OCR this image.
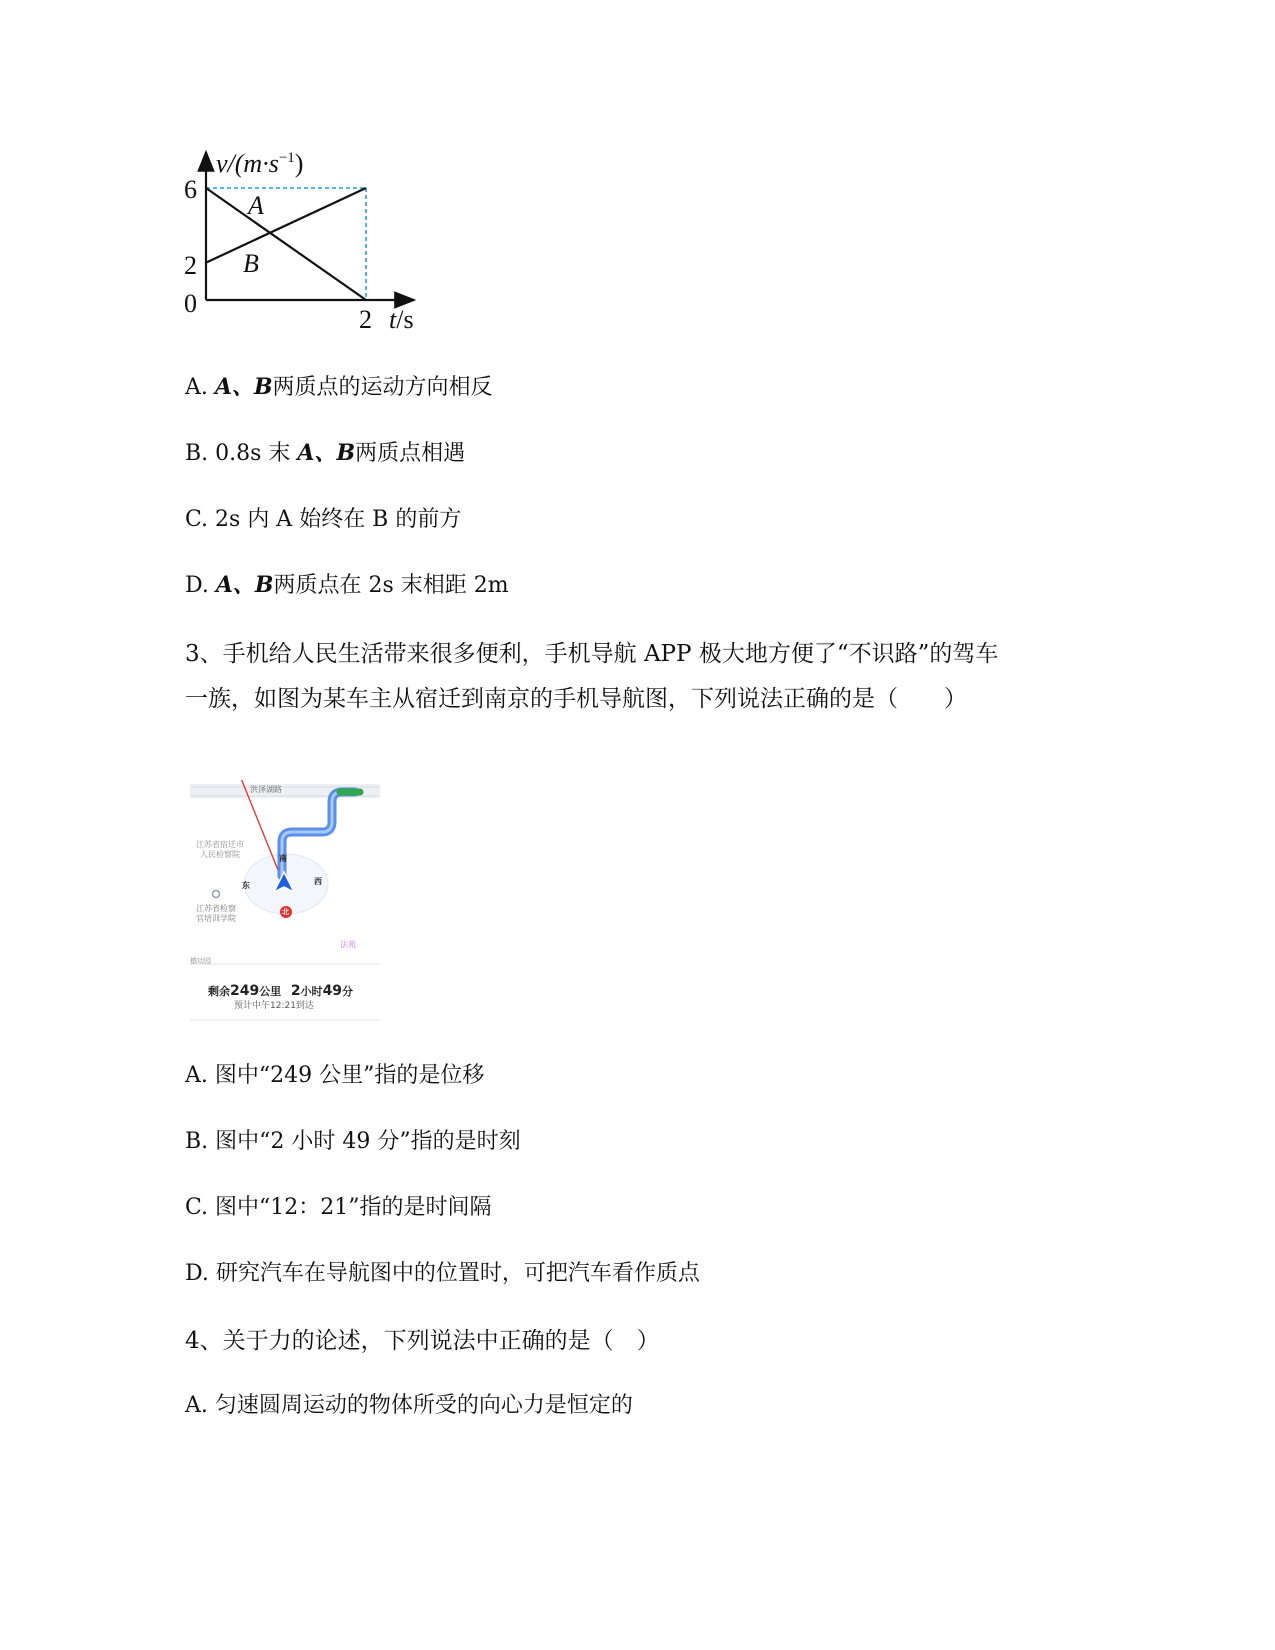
$v/(m\cdot s^{-1})$
6
2
0
2 t/s
A
B
A. A、B两质点的运动方向相反
B. 0.8s 末 A、B两质点相遇
C. 2s 内 A 始终在 B 的前方
D. A、B两质点在 2s 末相距 2m
3、手机给人民生活带来很多便利，手机导航 APP 极大地方便了“不识路”的驾车
一族，如图为某车主从宿迁到南京的手机导航图，下列说法正确的是（　　）
洪泽湖路
江苏省宿迁市
人民检察院
江苏省检察
官培训学院
法苑
德功园
南
东	西
北
剩余249公里 2小时49分
预计中午12:21到达
A. 图中“249 公里”指的是位移
B. 图中“2 小时 49 分”指的是时刻
C. 图中“12：21”指的是时间隔
D. 研究汽车在导航图中的位置时，可把汽车看作质点
4、关于力的论述，下列说法中正确的是（　）
A. 匀速圆周运动的物体所受的向心力是恒定的
